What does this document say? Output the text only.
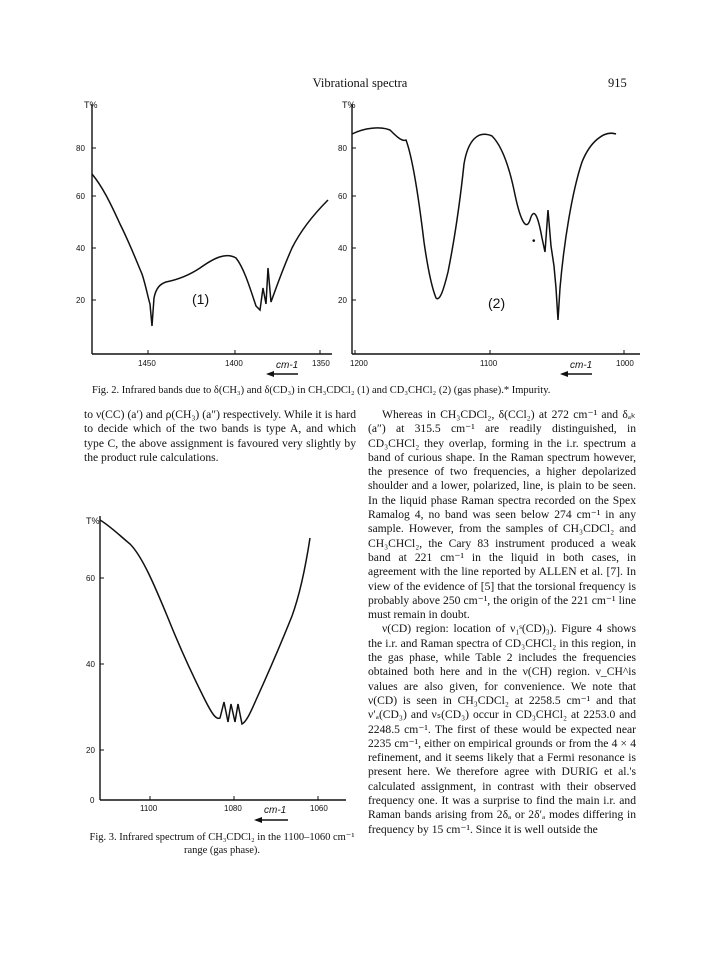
Vibrational spectra	915
T%
80
60
40
20
1450	1400	1350
cm-1
(1)
T%
80
60
40
20
1200	1100	1000
cm-1
(2)
•
Fig. 2. Infrared bands due to δ(CH₃) and δ(CD₃) in CH₃CDCl₂ (1) and CD₃CHCl₂ (2) (gas phase).* Impurity.

to ν(CC) (a′) and ρ(CH₃) (a″) respectively. While it is hard to decide which of the two bands is type A, and which type C, the above assignment is favoured very slightly by the product rule calculations.

Whereas in CH₃CDCl₂, δ(CCl₂) at 272 cm⁻¹ and δₐₖ (a″) at 315.5 cm⁻¹ are readily distinguished, in CD₃CHCl₂ they overlap, forming in the i.r. spectrum a band of curious shape. In the Raman spectrum however, the presence of two frequencies, a higher depolarized shoulder and a lower, polarized, line, is plain to be seen. In the liquid phase Raman spectra recorded on the Spex Ramalog 4, no band was seen below 274 cm⁻¹ in any sample. However, from the samples of CH₃CDCl₂ and CH₃CHCl₂, the Cary 83 instrument produced a weak band at 221 cm⁻¹ in the liquid in both cases, in agreement with the line reported by ALLEN et al. [7]. In view of the evidence of [5] that the torsional frequency is probably above 250 cm⁻¹, the origin of the 221 cm⁻¹ line must remain in doubt.

ν(CD) region: location of ν₁ˢ(CD)₃). Figure 4 shows the i.r. and Raman spectra of CD₃CHCl₂ in this region, in the gas phase, while Table 2 includes the frequencies obtained both here and in the ν(CH) region. ν_CH^is values are also given, for convenience. We note that ν(CD) is seen in CH₃CDCl₂ at 2258.5 cm⁻¹ and that ν′ₐ(CD₃) and νₛ(CD₃) occur in CD₃CHCl₂ at 2253.0 and 2248.5 cm⁻¹. The first of these would be expected near 2235 cm⁻¹, either on empirical grounds or from the 4 × 4 refinement, and it seems likely that a Fermi resonance is present here. We therefore agree with DURIG et al.'s calculated assignment, in contrast with their observed frequency one. It was a surprise to find the main i.r. and Raman bands arising from 2δₐ or 2δ′ₐ modes differing in frequency by 15 cm⁻¹. Since it is well outside the

T%
60
40
20
0
1100	1080	1060
cm-1
Fig. 3. Infrared spectrum of CH₃CDCl₂ in the 1100–1060 cm⁻¹ range (gas phase).
